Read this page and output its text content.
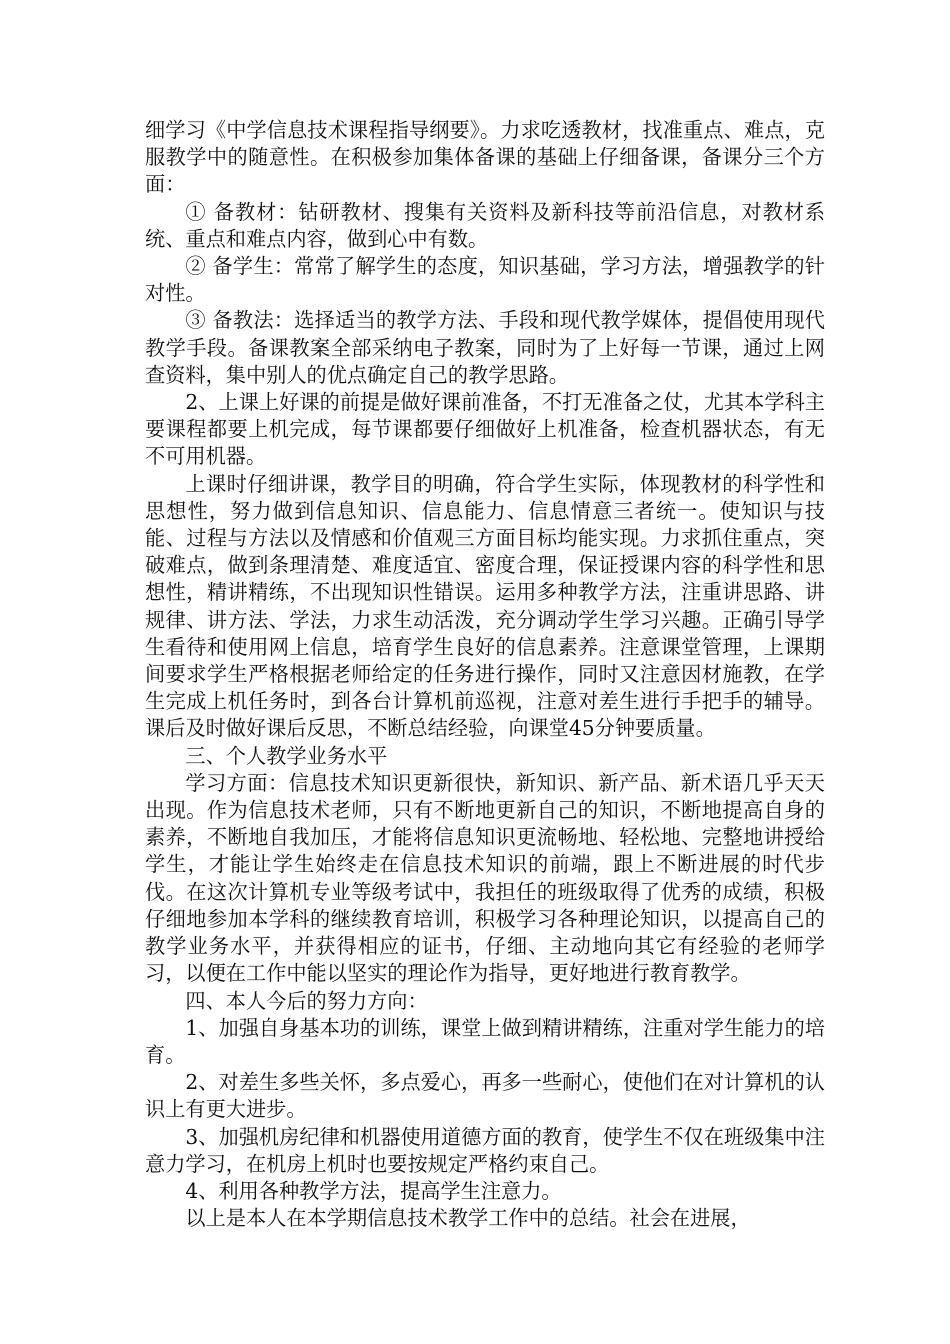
细学习《中学信息技术课程指导纲要》。力求吃透教材，找准重点、难点，克服教学中的随意性。在积极参加集体备课的基础上仔细备课，备课分三个方面：

① 备教材：钻研教材、搜集有关资料及新科技等前沿信息，对教材系统、重点和难点内容，做到心中有数。

② 备学生：常常了解学生的态度，知识基础，学习方法，增强教学的针对性。

③ 备教法：选择适当的教学方法、手段和现代教学媒体，提倡使用现代教学手段。备课教案全部采纳电子教案，同时为了上好每一节课，通过上网查资料，集中别人的优点确定自己的教学思路。

2、上课上好课的前提是做好课前准备，不打无准备之仗，尤其本学科主要课程都要上机完成，每节课都要仔细做好上机准备，检查机器状态，有无不可用机器。

上课时仔细讲课，教学目的明确，符合学生实际，体现教材的科学性和思想性，努力做到信息知识、信息能力、信息情意三者统一。使知识与技能、过程与方法以及情感和价值观三方面目标均能实现。力求抓住重点，突破难点，做到条理清楚、难度适宜、密度合理，保证授课内容的科学性和思想性，精讲精练，不出现知识性错误。运用多种教学方法，注重讲思路、讲规律、讲方法、学法，力求生动活泼，充分调动学生学习兴趣。正确引导学生看待和使用网上信息，培育学生良好的信息素养。注意课堂管理，上课期间要求学生严格根据老师给定的任务进行操作，同时又注意因材施教，在学生完成上机任务时，到各台计算机前巡视，注意对差生进行手把手的辅导。课后及时做好课后反思，不断总结经验，向课堂45分钟要质量。

三、个人教学业务水平

学习方面：信息技术知识更新很快，新知识、新产品、新术语几乎天天出现。作为信息技术老师，只有不断地更新自己的知识，不断地提高自身的素养，不断地自我加压，才能将信息知识更流畅地、轻松地、完整地讲授给学生，才能让学生始终走在信息技术知识的前端，跟上不断进展的时代步伐。在这次计算机专业等级考试中，我担任的班级取得了优秀的成绩，积极仔细地参加本学科的继续教育培训，积极学习各种理论知识，以提高自己的教学业务水平，并获得相应的证书，仔细、主动地向其它有经验的老师学习，以便在工作中能以坚实的理论作为指导，更好地进行教育教学。

四、本人今后的努力方向：

1、加强自身基本功的训练，课堂上做到精讲精练，注重对学生能力的培育。

2、对差生多些关怀，多点爱心，再多一些耐心，使他们在对计算机的认识上有更大进步。

3、加强机房纪律和机器使用道德方面的教育，使学生不仅在班级集中注意力学习，在机房上机时也要按规定严格约束自己。

4、利用各种教学方法，提高学生注意力。

以上是本人在本学期信息技术教学工作中的总结。社会在进展，
